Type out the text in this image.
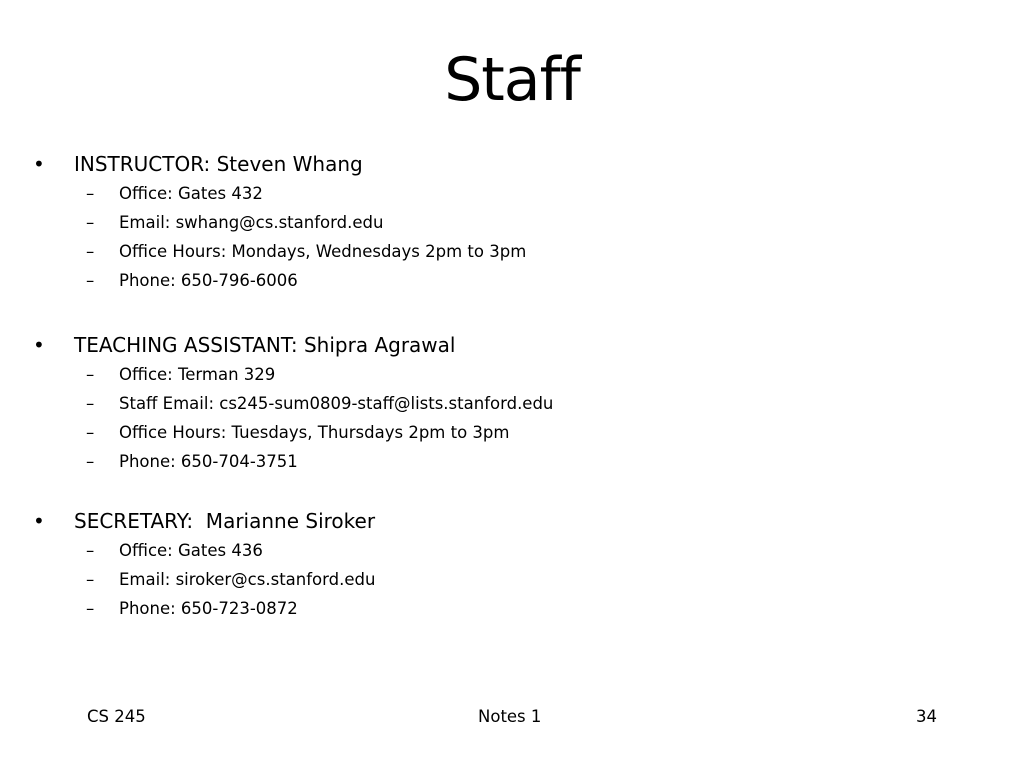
Staff
• INSTRUCTOR: Steven Whang
– Office: Gates 432
– Email: swhang@cs.stanford.edu
– Office Hours: Mondays, Wednesdays 2pm to 3pm
– Phone: 650-796-6006
• TEACHING ASSISTANT: Shipra Agrawal
– Office: Terman 329
– Staff Email: cs245-sum0809-staff@lists.stanford.edu
– Office Hours: Tuesdays, Thursdays 2pm to 3pm
– Phone: 650-704-3751
• SECRETARY:  Marianne Siroker
– Office: Gates 436
– Email: siroker@cs.stanford.edu
– Phone: 650-723-0872
CS 245	Notes 1	34
